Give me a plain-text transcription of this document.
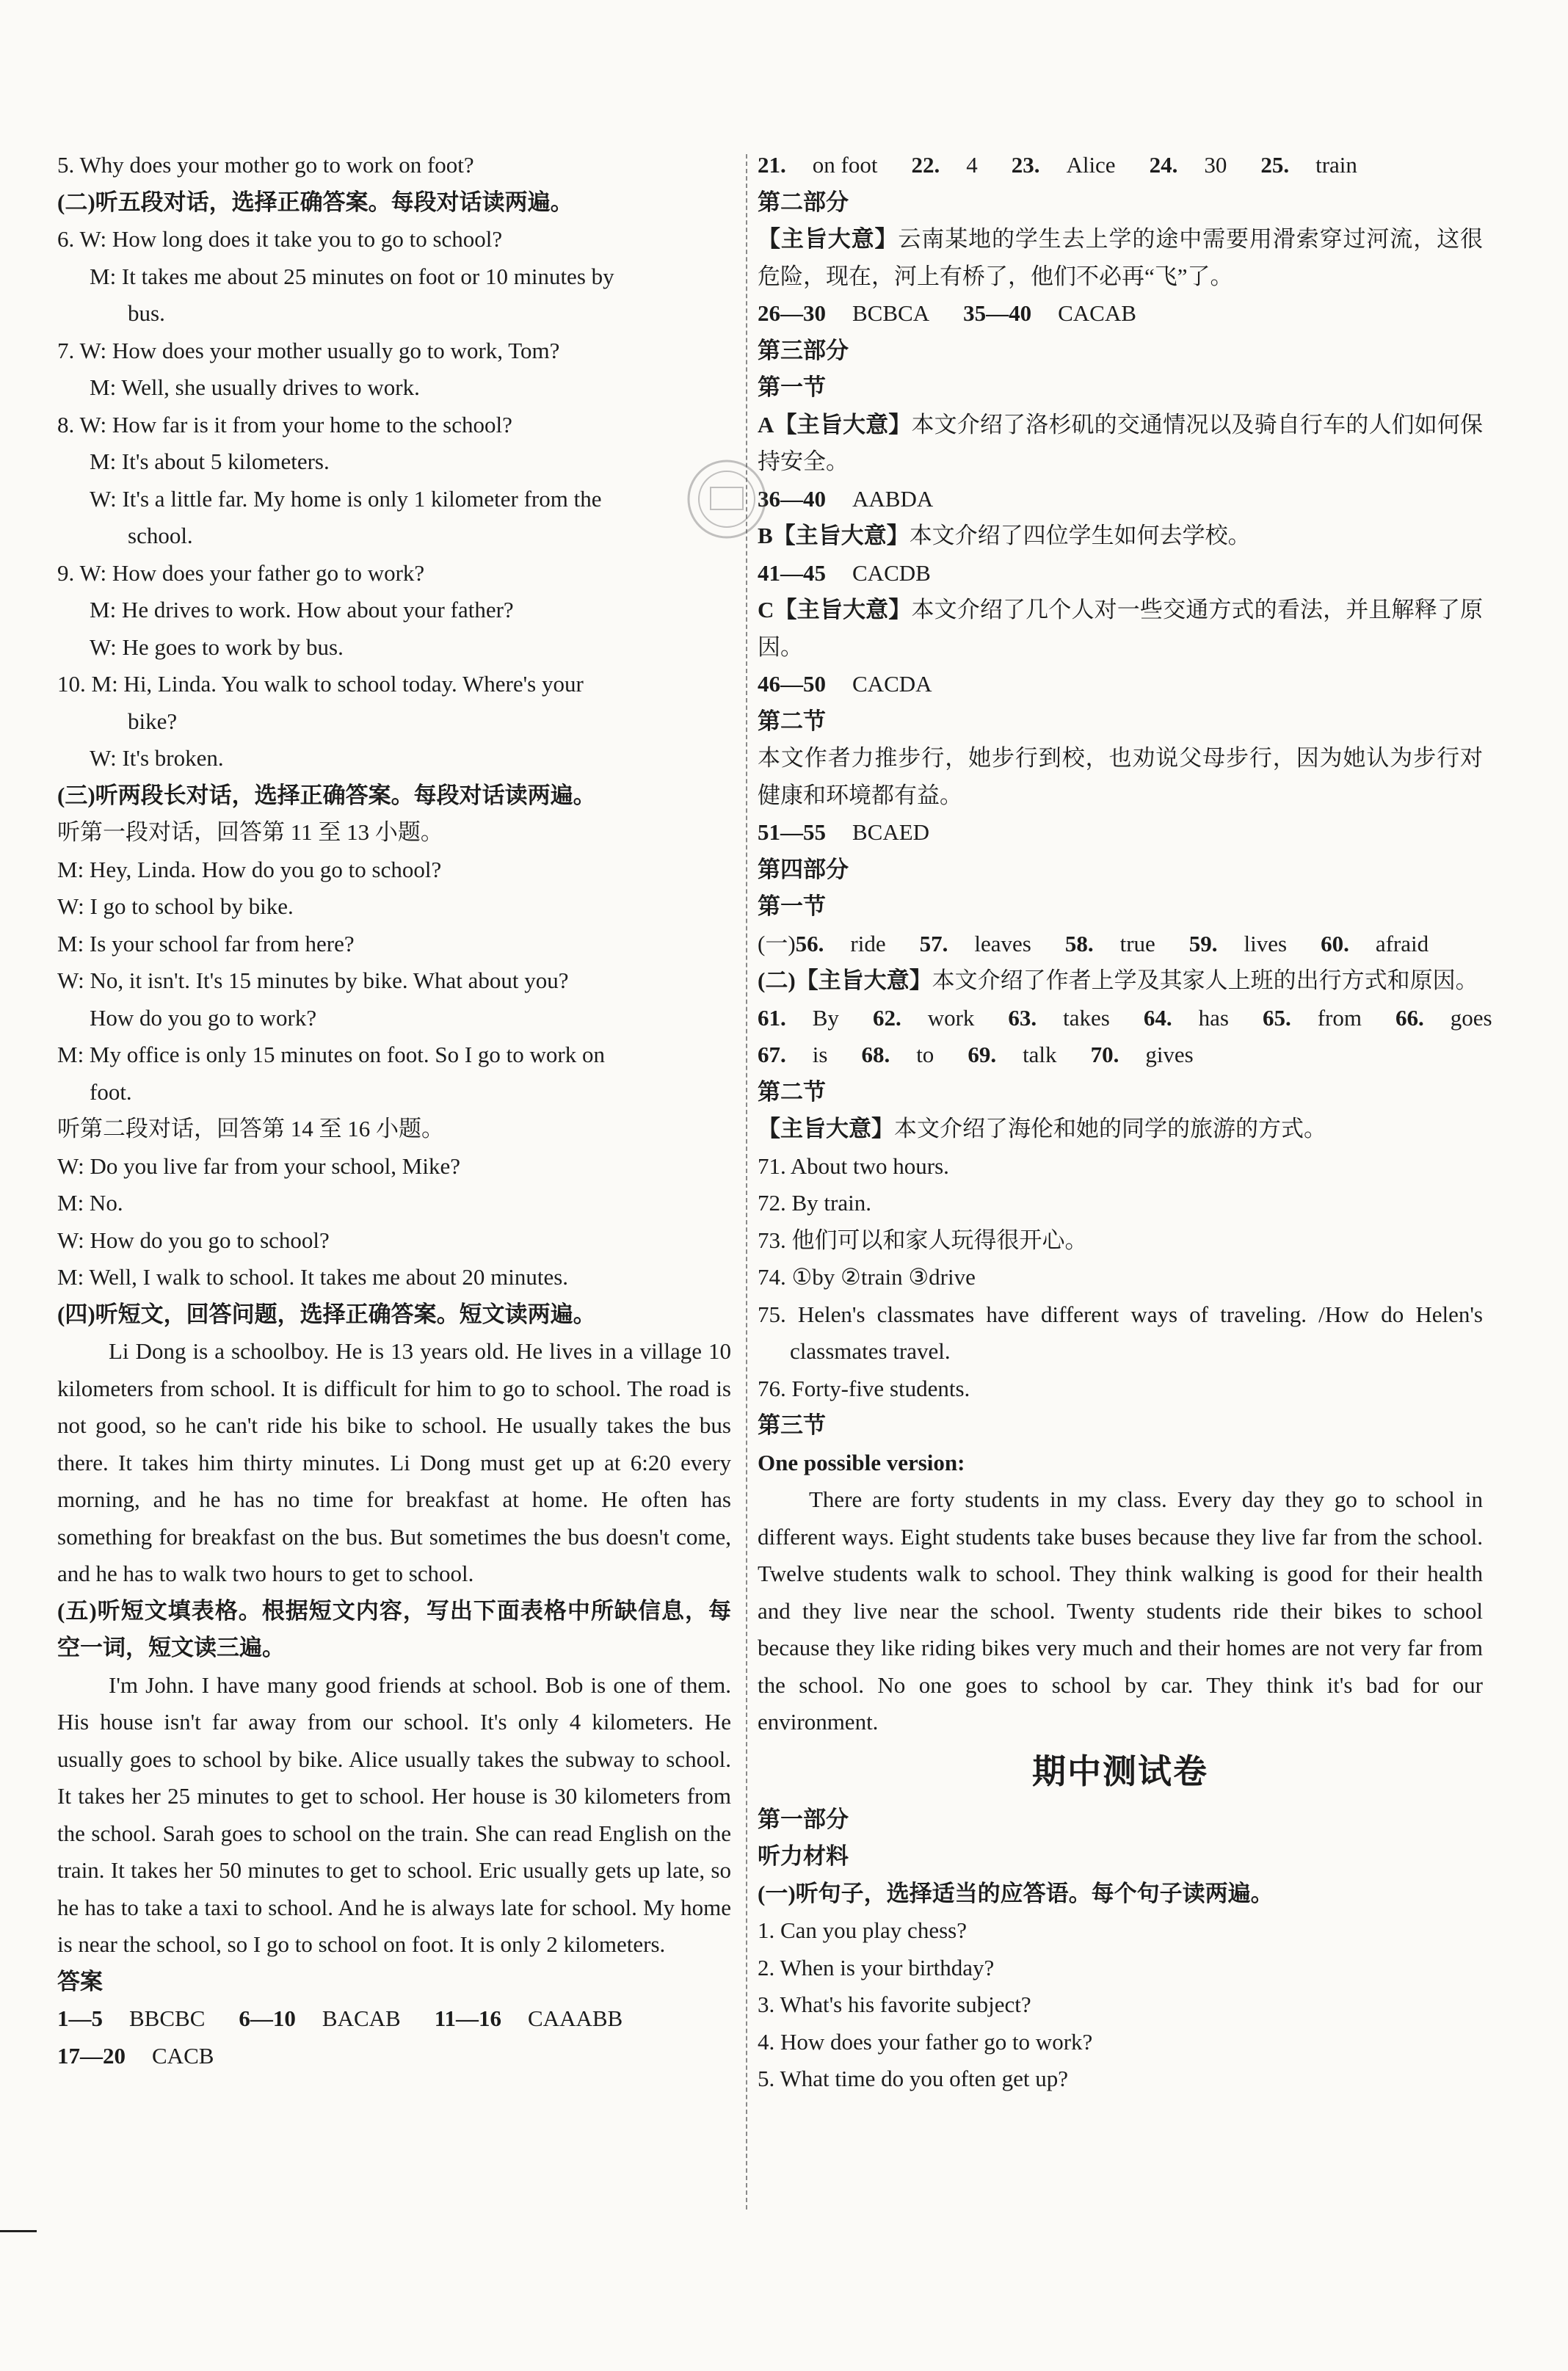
5. Why does your mother go to work on foot?
(二)听五段对话，选择正确答案。每段对话读两遍。
6. W: How long does it take you to go to school?
M: It takes me about 25 minutes on foot or 10 minutes by
bus.
7. W: How does your mother usually go to work, Tom?
M: Well, she usually drives to work.
8. W: How far is it from your home to the school?
M: It's about 5 kilometers.
W: It's a little far. My home is only 1 kilometer from the
school.
9. W: How does your father go to work?
M: He drives to work. How about your father?
W: He goes to work by bus.
10. M: Hi, Linda. You walk to school today. Where's your
bike?
W: It's broken.
(三)听两段长对话，选择正确答案。每段对话读两遍。
听第一段对话，回答第 11 至 13 小题。
M: Hey, Linda. How do you go to school?
W: I go to school by bike.
M: Is your school far from here?
W: No, it isn't. It's 15 minutes by bike. What about you?
How do you go to work?
M: My office is only 15 minutes on foot. So I go to work on
foot.
听第二段对话，回答第 14 至 16 小题。
W: Do you live far from your school, Mike?
M: No.
W: How do you go to school?
M: Well, I walk to school. It takes me about 20 minutes.
(四)听短文，回答问题，选择正确答案。短文读两遍。
Li Dong is a schoolboy. He is 13 years old. He lives in a village 10 kilometers from school. It is difficult for him to go to school. The road is not good, so he can't ride his bike to school. He usually takes the bus there. It takes him thirty minutes. Li Dong must get up at 6:20 every morning, and he has no time for breakfast at home. He often has something for breakfast on the bus. But sometimes the bus doesn't come, and he has to walk two hours to get to school.
(五)听短文填表格。根据短文内容，写出下面表格中所缺信息，每空一词，短文读三遍。
I'm John. I have many good friends at school. Bob is one of them. His house isn't far away from our school. It's only 4 kilometers. He usually goes to school by bike. Alice usually takes the subway to school. It takes her 25 minutes to get to school. Her house is 30 kilometers from the school. Sarah goes to school on the train. She can read English on the train. It takes her 50 minutes to get to school. Eric usually gets up late, so he has to take a taxi to school. And he is always late for school. My home is near the school, so I go to school on foot. It is only 2 kilometers.
答案
1—5 BBCBC 6—10 BACAB 11—16 CAAABB
17—20 CACB
21. on foot 22. 4 23. Alice 24. 30 25. train
第二部分
【主旨大意】云南某地的学生去上学的途中需要用滑索穿过河流，这很危险，现在，河上有桥了，他们不必再“飞”了。
26—30 BCBCA 35—40 CACAB
第三部分
第一节
A【主旨大意】本文介绍了洛杉矶的交通情况以及骑自行车的人们如何保持安全。
36—40 AABDA
B【主旨大意】本文介绍了四位学生如何去学校。
41—45 CACDB
C【主旨大意】本文介绍了几个人对一些交通方式的看法，并且解释了原因。
46—50 CACDA
第二节
本文作者力推步行，她步行到校，也劝说父母步行，因为她认为步行对健康和环境都有益。
51—55 BCAED
第四部分
第一节
(一)56. ride 57. leaves 58. true 59. lives 60. afraid
(二)【主旨大意】本文介绍了作者上学及其家人上班的出行方式和原因。
61. By 62. work 63. takes 64. has 65. from 66. goes
67. is 68. to 69. talk 70. gives
第二节
【主旨大意】本文介绍了海伦和她的同学的旅游的方式。
71. About two hours.
72. By train.
73. 他们可以和家人玩得很开心。
74. ①by ②train ③drive
75. Helen's classmates have different ways of traveling. /How do Helen's classmates travel.
76. Forty-five students.
第三节
One possible version:
There are forty students in my class. Every day they go to school in different ways. Eight students take buses because they live far from the school. Twelve students walk to school. They think walking is good for their health and they live near the school. Twenty students ride their bikes to school because they like riding bikes very much and their homes are not very far from the school. No one goes to school by car. They think it's bad for our environment.
期中测试卷
第一部分
听力材料
(一)听句子，选择适当的应答语。每个句子读两遍。
1. Can you play chess?
2. When is your birthday?
3. What's his favorite subject?
4. How does your father go to work?
5. What time do you often get up?
